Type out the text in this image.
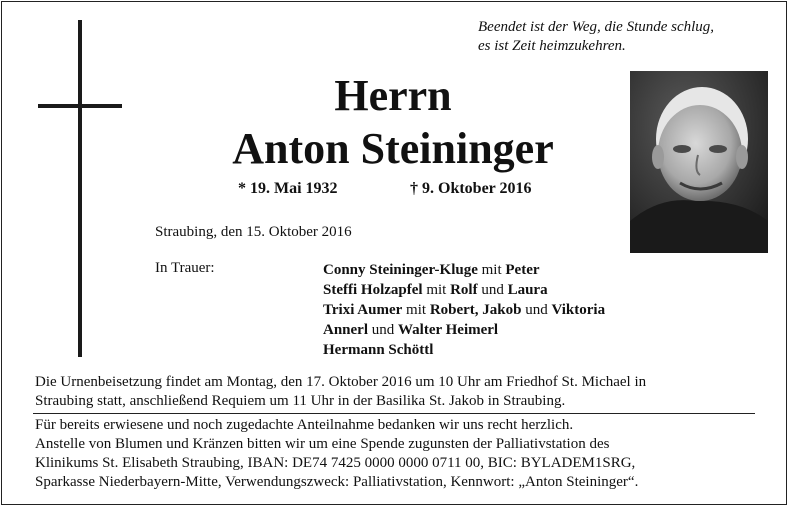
Beendet ist der Weg, die Stunde schlug,
es ist Zeit heimzukehren.
Herrn
Anton Steininger
* 19. Mai 1932	† 9. Oktober 2016
Straubing, den 15. Oktober 2016
In Trauer:	Conny Steininger-Kluge mit Peter
Steffi Holzapfel mit Rolf und Laura
Trixi Aumer mit Robert, Jakob und Viktoria
Annerl und Walter Heimerl
Hermann Schöttl
Die Urnenbeisetzung findet am Montag, den 17. Oktober 2016 um 10 Uhr am Friedhof St. Michael in
Straubing statt, anschließend Requiem um 11 Uhr in der Basilika St. Jakob in Straubing.
Für bereits erwiesene und noch zugedachte Anteilnahme bedanken wir uns recht herzlich.
Anstelle von Blumen und Kränzen bitten wir um eine Spende zugunsten der Palliativstation des
Klinikums St. Elisabeth Straubing, IBAN: DE74 7425 0000 0000 0711 00, BIC: BYLADEM1SRG,
Sparkasse Niederbayern-Mitte, Verwendungszweck: Palliativstation, Kennwort: „Anton Steininger“.
